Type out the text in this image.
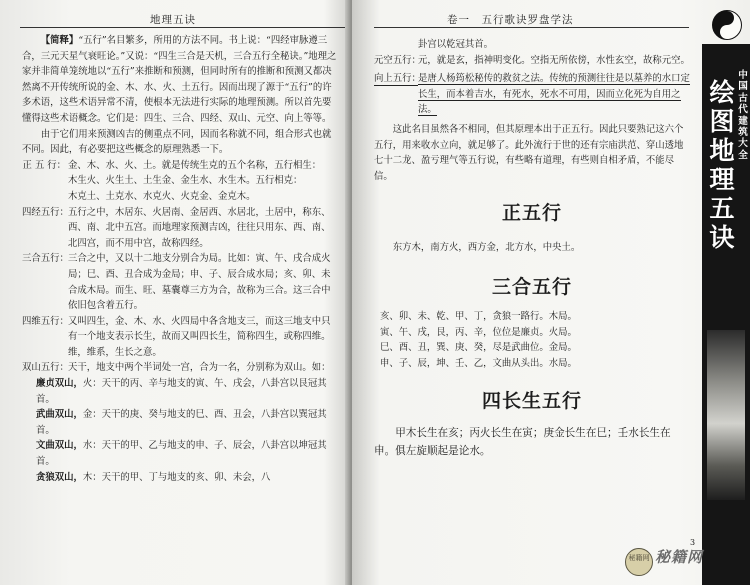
地理五诀

【简释】“五行”名目繁多，所用的方法不同。书上说：“四经审脉遵三合，三元天星气衰旺论。”又说：“四生三合是天机，三合五行全秘诀。”地理之家并非简单笼统地以“五行”来推断和预测，但同时所有的推断和预测又都决然离不开传统所说的金、木、水、火、土五行。因而出现了源于“五行”的许多术语，这些术语异常不清，使根本无法进行实际的地理预测。所以首先要懂得这些术语概念。它们是：四生、三合、四经、双山、元空、向上等等。

由于它们用来预测凶吉的侧重点不同，因而名称就不同，组合形式也就不同。因此，有必要把这些概念的原理熟悉一下。

正 五 行： 金、木、水、火、土。就是传统生克的五个名称，五行相生：
木生火、火生土、土生金、金生水、水生木。五行相克：
木克土、土克水、水克火、火克金、金克木。
四经五行： 五行之中，木居东、火居南、金居西、水居北，土居中，称东、西、南、北中五宫。而地理家预测吉凶，往往只用东、西、南、北四宫，而不用中宫，故称四经。
三合五行： 三合之中，又以十二地支分别合为局。比如：寅、午、戌合成火局；巳、酉、丑合成为金局；申、子、辰合成水局；亥、卯、未合成木局。而生、旺、墓囊尊三方为合，故称为三合。这三合中依旧包含着五行。
四维五行： 又叫四生，金、木、水、火四局中各含地支三，而这三地支中只有一个地支表示长生，故而又叫四长生，简称四生，或称四维。维，维系，生长之意。
双山五行： 天干，地支中两个半词处一宫，合为一名，分别称为双山。如：

廉贞双山，火：天干的丙、辛与地支的寅、午、戌会，八卦宫以艮冠其首。

武曲双山，金：天干的庚、癸与地支的巳、酉、丑会，八卦宫以巽冠其首。

文曲双山，水：天干的甲、乙与地支的申、子、辰会，八卦宫以坤冠其首。

贪狼双山，木：天干的甲、丁与地支的亥、卯、未会，八

卷一　五行歌诀罗盘学法

卦宫以乾冠其首。

元空五行：
元，就是玄，指神明变化。空指无所依傍，水性玄空，故称元空。
向上五行：
是唐人杨筠松秘传的救贫之法。传统的预测往往是以墓养的水口定长生，而本着吉水，有死水，死水不可用，因而立化死为自用之法。

这此名目虽然各不相同，但其原理本出于正五行。因此只要熟记这六个五行，用来收水立向，就足够了。此外流行于世的还有宗庙洪范、穿山透地七十二龙、盈亏理气等五行说，有些略有道理，有些则自相矛盾，不能尽信。

正五行

东方木，南方火，西方金，北方水，中央土。

三合五行

亥、卯、未、乾、甲、丁，贪狼一路行。木局。

寅、午、戌，艮，丙、辛，位位是廉贞。火局。

巳、酉、丑，巽、庚、癸，尽是武曲位。金局。

申、子、辰，坤、壬、乙，文曲从头出。水局。

四长生五行

甲木长生在亥；丙火长生在寅；庚金长生在巳；壬水长生在申。俱左旋顺起是论水。

中国古代建筑大全
绘图地理五诀
3
秘籍网 秘籍网
